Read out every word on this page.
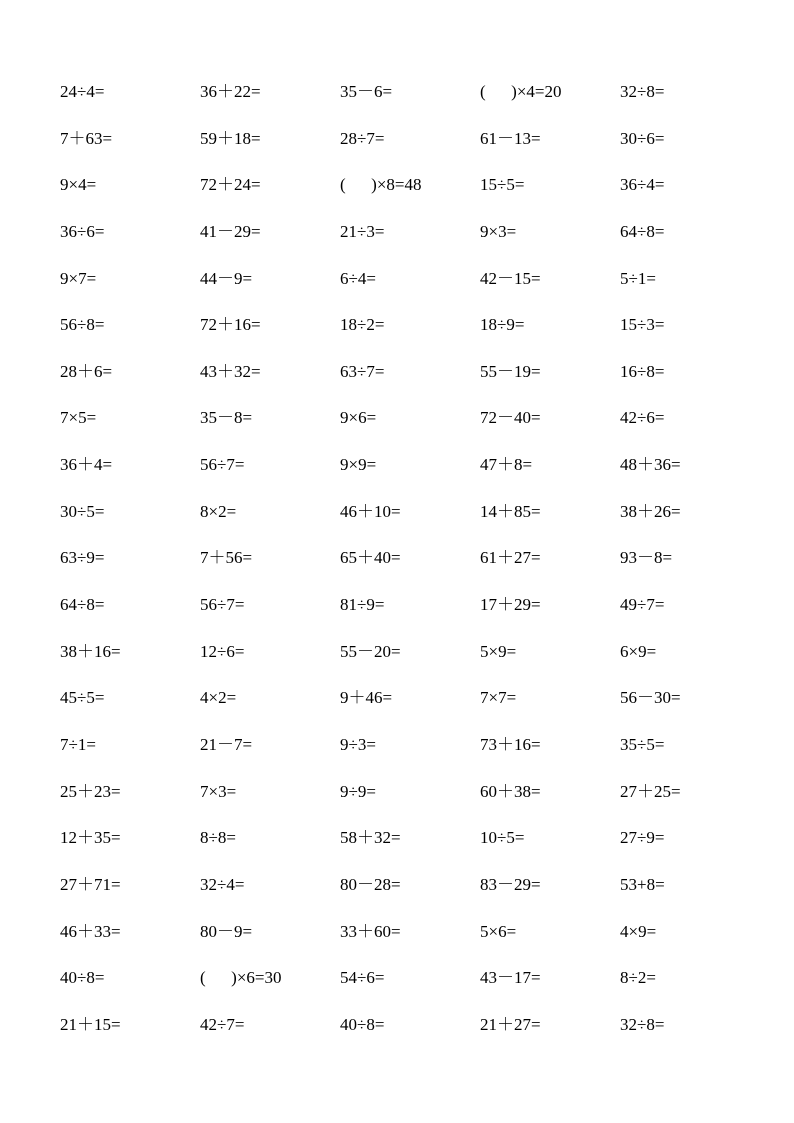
24÷4=	36＋22=	35－6=	(      )×4=20	32÷8=
7＋63=	59＋18=	28÷7=	61－13=	30÷6=
9×4=	72＋24=	(      )×8=48	15÷5=	36÷4=
36÷6=	41－29=	21÷3=	9×3=	64÷8=
9×7=	44－9=	6÷4=	42－15=	5÷1=
56÷8=	72＋16=	18÷2=	18÷9=	15÷3=
28＋6=	43＋32=	63÷7=	55－19=	16÷8=
7×5=	35－8=	9×6=	72－40=	42÷6=
36＋4=	56÷7=	9×9=	47＋8=	48＋36=
30÷5=	8×2=	46＋10=	14＋85=	38＋26=
63÷9=	7＋56=	65＋40=	61＋27=	93－8=
64÷8=	56÷7=	81÷9=	17＋29=	49÷7=
38＋16=	12÷6=	55－20=	5×9=	6×9=
45÷5=	4×2=	9＋46=	7×7=	56－30=
7÷1=	21－7=	9÷3=	73＋16=	35÷5=
25＋23=	7×3=	9÷9=	60＋38=	27＋25=
12＋35=	8÷8=	58＋32=	10÷5=	27÷9=
27＋71=	32÷4=	80－28=	83－29=	53+8=
46＋33=	80－9=	33＋60=	5×6=	4×9=
40÷8=	(      )×6=30	54÷6=	43－17=	8÷2=
21＋15=	42÷7=	40÷8=	21＋27=	32÷8=
